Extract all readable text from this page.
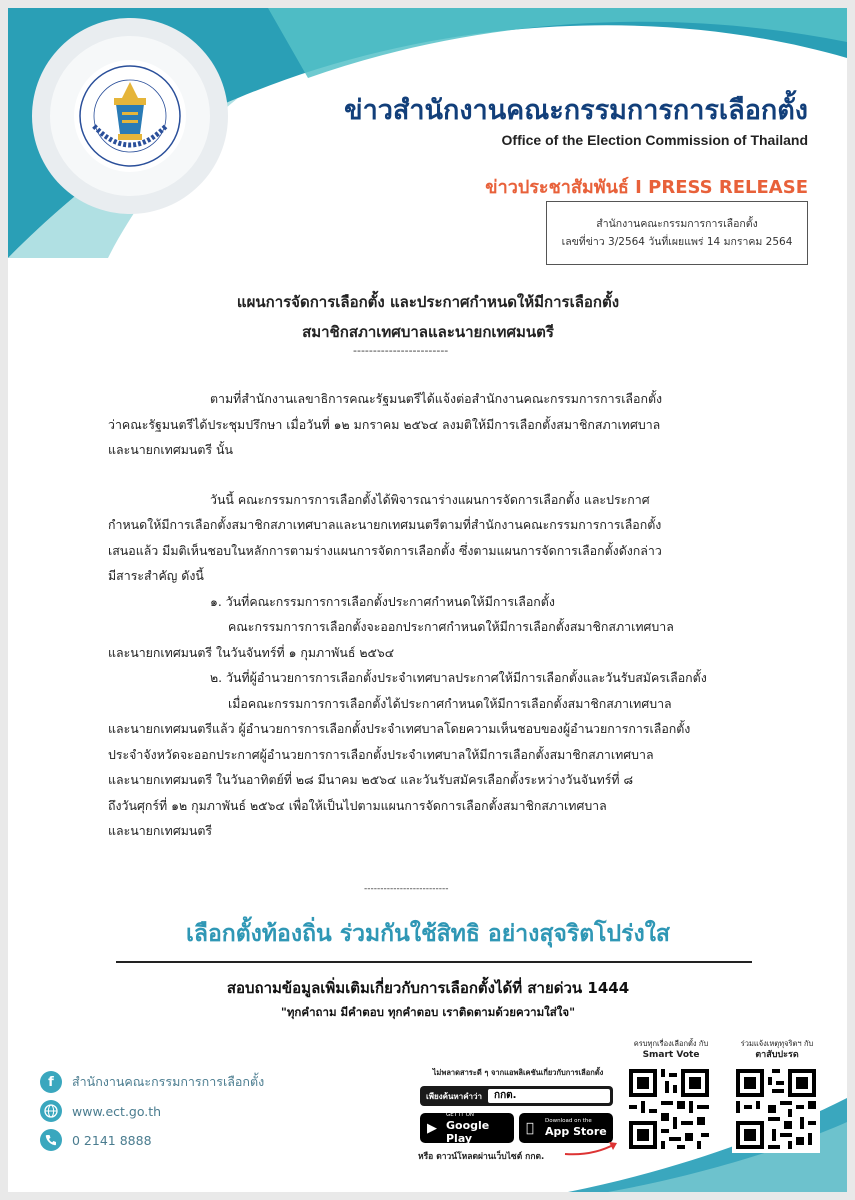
ข่าวสำนักงานคณะกรรมการการเลือกตั้ง
Office of the Election Commission of Thailand
ข่าวประชาสัมพันธ์ I PRESS RELEASE
สำนักงานคณะกรรมการการเลือกตั้ง
เลขที่ข่าว 3/2564 วันที่เผยแพร่ 14 มกราคม 2564
แผนการจัดการเลือกตั้ง และประกาศกำหนดให้มีการเลือกตั้ง
สมาชิกสภาเทศบาลและนายกเทศมนตรี
------------------------

ตามที่สำนักงานเลขาธิการคณะรัฐมนตรีได้แจ้งต่อสำนักงานคณะกรรมการการเลือกตั้ง
ว่าคณะรัฐมนตรีได้ประชุมปรึกษา เมื่อวันที่ ๑๒ มกราคม ๒๕๖๔ ลงมติให้มีการเลือกตั้งสมาชิกสภาเทศบาล
และนายกเทศมนตรี นั้น

วันนี้ คณะกรรมการการเลือกตั้งได้พิจารณาร่างแผนการจัดการเลือกตั้ง และประกาศ
กำหนดให้มีการเลือกตั้งสมาชิกสภาเทศบาลและนายกเทศมนตรีตามที่สำนักงานคณะกรรมการการเลือกตั้ง
เสนอแล้ว มีมติเห็นชอบในหลักการตามร่างแผนการจัดการเลือกตั้ง ซึ่งตามแผนการจัดการเลือกตั้งดังกล่าว
มีสาระสำคัญ ดังนี้
๑. วันที่คณะกรรมการการเลือกตั้งประกาศกำหนดให้มีการเลือกตั้ง
คณะกรรมการการเลือกตั้งจะออกประกาศกำหนดให้มีการเลือกตั้งสมาชิกสภาเทศบาล
และนายกเทศมนตรี ในวันจันทร์ที่ ๑ กุมภาพันธ์ ๒๕๖๔
๒. วันที่ผู้อำนวยการการเลือกตั้งประจำเทศบาลประกาศให้มีการเลือกตั้งและวันรับสมัครเลือกตั้ง
เมื่อคณะกรรมการการเลือกตั้งได้ประกาศกำหนดให้มีการเลือกตั้งสมาชิกสภาเทศบาล
และนายกเทศมนตรีแล้ว ผู้อำนวยการการเลือกตั้งประจำเทศบาลโดยความเห็นชอบของผู้อำนวยการการเลือกตั้ง
ประจำจังหวัดจะออกประกาศผู้อำนวยการการเลือกตั้งประจำเทศบาลให้มีการเลือกตั้งสมาชิกสภาเทศบาล
และนายกเทศมนตรี ในวันอาทิตย์ที่ ๒๘ มีนาคม ๒๕๖๔ และวันรับสมัครเลือกตั้งระหว่างวันจันทร์ที่ ๘
ถึงวันศุกร์ที่ ๑๒ กุมภาพันธ์ ๒๕๖๔ เพื่อให้เป็นไปตามแผนการจัดการเลือกตั้งสมาชิกสภาเทศบาล
และนายกเทศมนตรี

--------------------------
เลือกตั้งท้องถิ่น ร่วมกันใช้สิทธิ อย่างสุจริตโปร่งใส
สอบถามข้อมูลเพิ่มเติมเกี่ยวกับการเลือกตั้งได้ที่ สายด่วน 1444
"ทุกคำถาม มีคำตอบ ทุกคำตอบ เราติดตามด้วยความใส่ใจ"
f	สำนักงานคณะกรรมการการเลือกตั้ง
www.ect.go.th
0 2141 8888
ไม่พลาดสาระดี ๆ จากแอพลิเคชันเกี่ยวกับการเลือกตั้ง
เพียงค้นหาคำว่า	กกต.
▶
GET IT ON
Google Play
Download on the
App Store
หรือ ดาวน์โหลดผ่านเว็บไซต์ กกต.
ครบทุกเรื่องเลือกตั้ง กับ
Smart Vote
ร่วมแจ้งเหตุทุจริตฯ กับ
ตาสับปะรด
